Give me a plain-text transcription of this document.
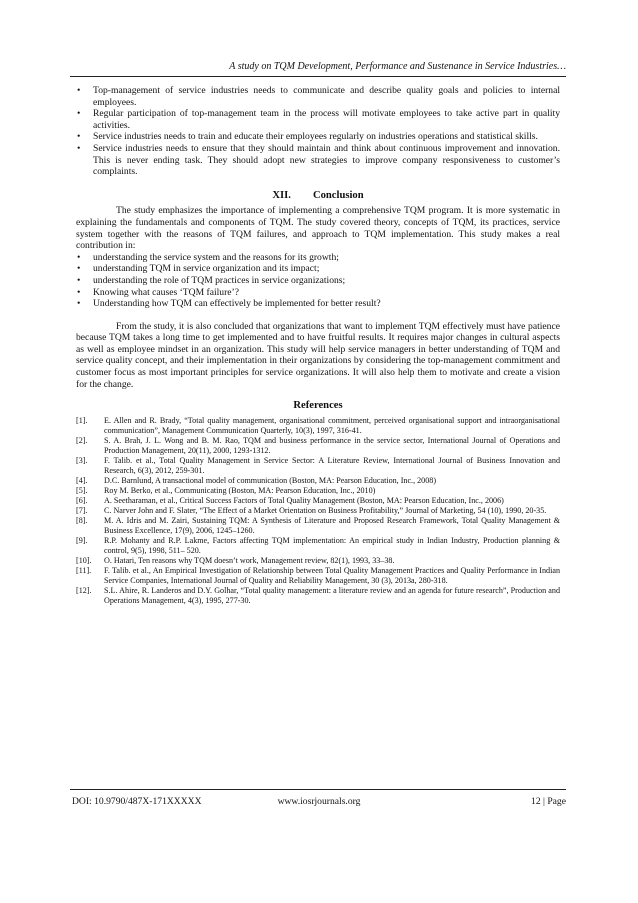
A study on TQM Development, Performance and Sustenance in Service Industries…
• Top-management of service industries needs to communicate and describe quality goals and policies to internal employees.
• Regular participation of top-management team in the process will motivate employees to take active part in quality activities.
• Service industries needs to train and educate their employees regularly on industries operations and statistical skills.
• Service industries needs to ensure that they should maintain and think about continuous improvement and innovation. This is never ending task. They should adopt new strategies to improve company responsiveness to customer’s complaints.
XII. Conclusion

The study emphasizes the importance of implementing a comprehensive TQM program. It is more systematic in explaining the fundamentals and components of TQM. The study covered theory, concepts of TQM, its practices, service system together with the reasons of TQM failures, and approach to TQM implementation. This study makes a real contribution in:

• understanding the service system and the reasons for its growth;
• understanding TQM in service organization and its impact;
• understanding the role of TQM practices in service organizations;
• Knowing what causes ‘TQM failure’?
• Understanding how TQM can effectively be implemented for better result?

From the study, it is also concluded that organizations that want to implement TQM effectively must have patience because TQM takes a long time to get implemented and to have fruitful results. It requires major changes in cultural aspects as well as employee mindset in an organization. This study will help service managers in better understanding of TQM and service quality concept, and their implementation in their organizations by considering the top-management commitment and customer focus as most important principles for service organizations. It will also help them to motivate and create a vision for the change.

References
[1].	E. Allen and R. Brady, “Total quality management, organisational commitment, perceived organisational support and intraorganisational communication”, Management Communication Quarterly, 10(3), 1997, 316-41.
[2].	S. A. Brah, J. L. Wong and B. M. Rao, TQM and business performance in the service sector, International Journal of Operations and Production Management, 20(11), 2000, 1293-1312.
[3].	F. Talib. et al., Total Quality Management in Service Sector: A Literature Review, International Journal of Business Innovation and Research, 6(3), 2012, 259-301.
[4].	D.C. Barnlund, A transactional model of communication (Boston, MA: Pearson Education, Inc., 2008)
[5].	Roy M. Berko, et al., Communicating (Boston, MA: Pearson Education, Inc., 2010)
[6].	A. Seetharaman, et al., Critical Success Factors of Total Quality Management (Boston, MA: Pearson Education, Inc., 2006)
[7].	C. Narver John and F. Slater, “The Effect of a Market Orientation on Business Profitability,” Journal of Marketing, 54 (10), 1990, 20-35.
[8].	M. A. Idris and M. Zairi, Sustaining TQM: A Synthesis of Literature and Proposed Research Framework, Total Quality Management & Business Excellence, 17(9), 2006, 1245–1260.
[9].	R.P. Mohanty and R.P. Lakme, Factors affecting TQM implementation: An empirical study in Indian Industry, Production planning & control, 9(5), 1998, 511– 520.
[10].	O. Hatari, Ten reasons why TQM doesn’t work, Management review, 82(1), 1993, 33–38.
[11].	F. Talib. et al., An Empirical Investigation of Relationship between Total Quality Management Practices and Quality Performance in Indian Service Companies, International Journal of Quality and Reliability Management, 30 (3), 2013a, 280-318.
[12].	S.L. Ahire, R. Landeros and D.Y. Golhar, “Total quality management: a literature review and an agenda for future research”, Production and Operations Management, 4(3), 1995, 277-30.
DOI: 10.9790/487X-171XXXXX	www.iosrjournals.org	12 | Page
